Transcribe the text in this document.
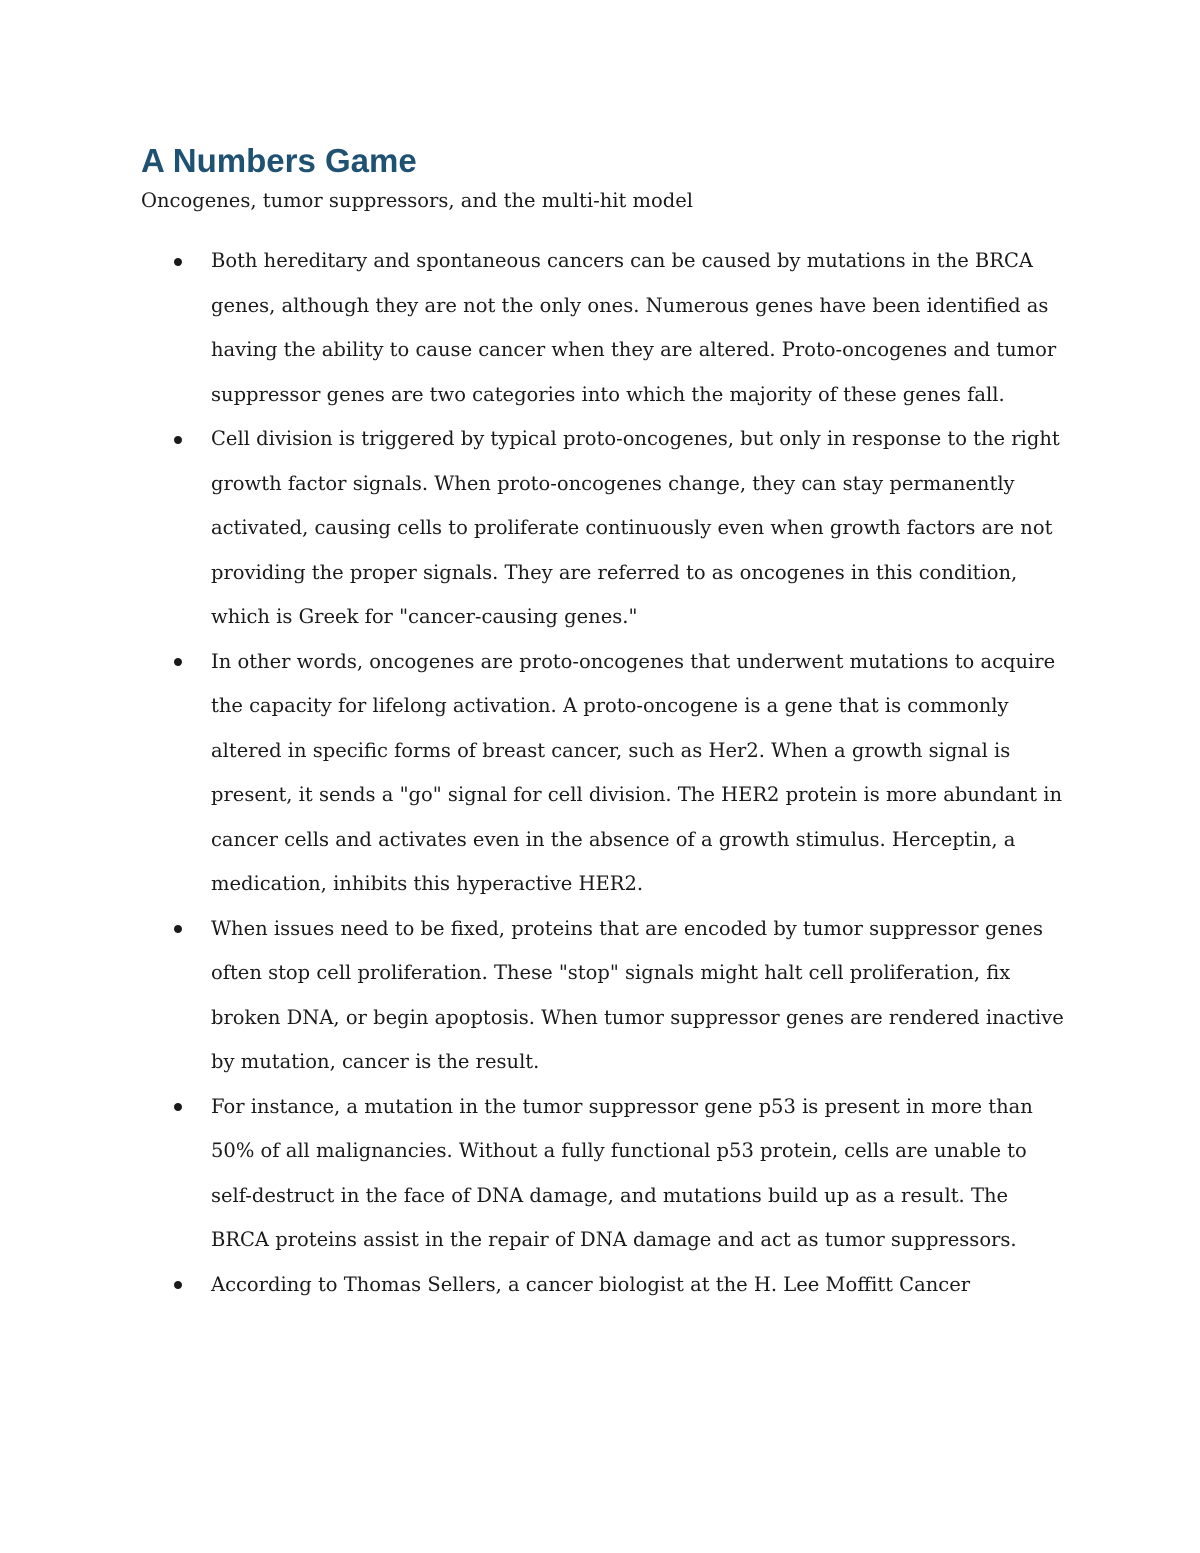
A Numbers Game

Oncogenes, tumor suppressors, and the multi-hit model

Both hereditary and spontaneous cancers can be caused by mutations in the BRCA genes, although they are not the only ones. Numerous genes have been identified as having the ability to cause cancer when they are altered. Proto-oncogenes and tumor suppressor genes are two categories into which the majority of these genes fall.
Cell division is triggered by typical proto-oncogenes, but only in response to the right growth factor signals. When proto-oncogenes change, they can stay permanently activated, causing cells to proliferate continuously even when growth factors are not providing the proper signals. They are referred to as oncogenes in this condition, which is Greek for "cancer-causing genes."
In other words, oncogenes are proto-oncogenes that underwent mutations to acquire the capacity for lifelong activation. A proto-oncogene is a gene that is commonly altered in specific forms of breast cancer, such as Her2. When a growth signal is present, it sends a "go" signal for cell division. The HER2 protein is more abundant in cancer cells and activates even in the absence of a growth stimulus. Herceptin, a medication, inhibits this hyperactive HER2.
When issues need to be fixed, proteins that are encoded by tumor suppressor genes often stop cell proliferation. These "stop" signals might halt cell proliferation, fix broken DNA, or begin apoptosis. When tumor suppressor genes are rendered inactive by mutation, cancer is the result.
For instance, a mutation in the tumor suppressor gene p53 is present in more than 50% of all malignancies. Without a fully functional p53 protein, cells are unable to self-destruct in the face of DNA damage, and mutations build up as a result. The BRCA proteins assist in the repair of DNA damage and act as tumor suppressors.
According to Thomas Sellers, a cancer biologist at the H. Lee Moffitt Cancer
